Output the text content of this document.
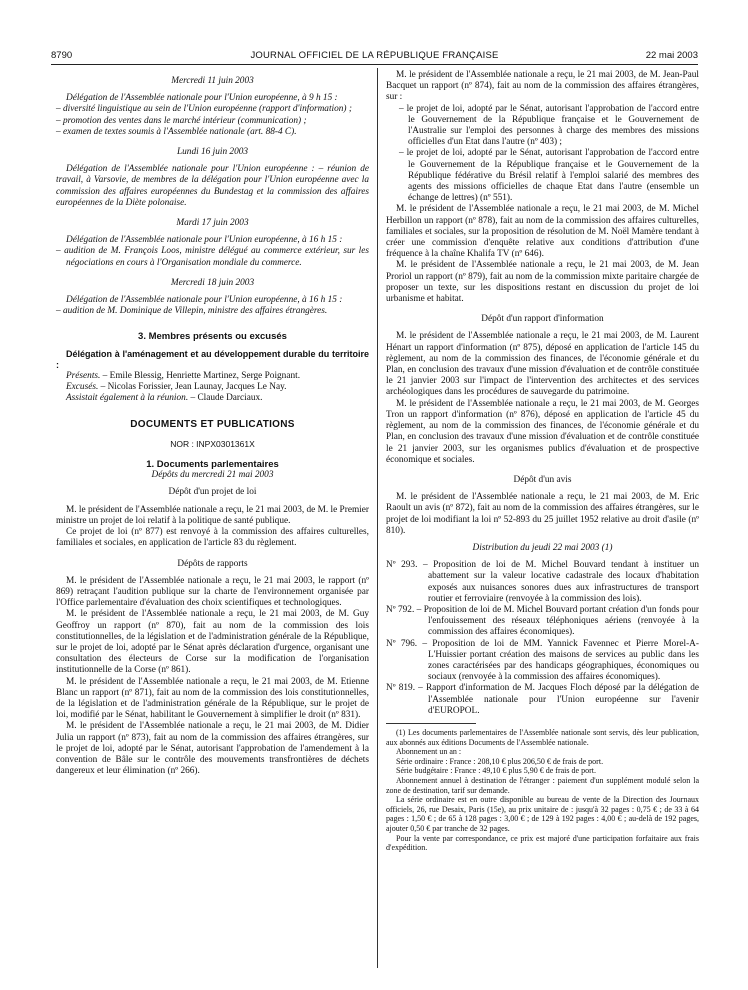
8790	JOURNAL OFFICIEL DE LA RÉPUBLIQUE FRANÇAISE	22 mai 2003

Mercredi 11 juin 2003

Délégation de l'Assemblée nationale pour l'Union européenne, à 9 h 15 :

– diversité linguistique au sein de l'Union européenne (rapport d'information) ;

– promotion des ventes dans le marché intérieur (communication) ;

– examen de textes soumis à l'Assemblée nationale (art. 88-4 C).

Lundi 16 juin 2003

Délégation de l'Assemblée nationale pour l'Union européenne : – réunion de travail, à Varsovie, de membres de la délégation pour l'Union européenne avec la commission des affaires européennes du Bundestag et la commission des affaires européennes de la Diète polonaise.

Mardi 17 juin 2003

Délégation de l'Assemblée nationale pour l'Union européenne, à 16 h 15 :

– audition de M. François Loos, ministre délégué au commerce extérieur, sur les négociations en cours à l'Organisation mondiale du commerce.

Mercredi 18 juin 2003

Délégation de l'Assemblée nationale pour l'Union européenne, à 16 h 15 :

– audition de M. Dominique de Villepin, ministre des affaires étrangères.

3. Membres présents ou excusés

Délégation à l'aménagement et au développement durable du territoire :

Présents. – Emile Blessig, Henriette Martinez, Serge Poignant.

Excusés. – Nicolas Forissier, Jean Launay, Jacques Le Nay.

Assistait également à la réunion. – Claude Darciaux.

DOCUMENTS ET PUBLICATIONS

NOR : INPX0301361X

1. Documents parlementaires

Dépôts du mercredi 21 mai 2003

Dépôt d'un projet de loi

M. le président de l'Assemblée nationale a reçu, le 21 mai 2003, de M. le Premier ministre un projet de loi relatif à la politique de santé publique.

Ce projet de loi (nº 877) est renvoyé à la commission des affaires culturelles, familiales et sociales, en application de l'article 83 du règlement.

Dépôts de rapports

M. le président de l'Assemblée nationale a reçu, le 21 mai 2003, le rapport (nº 869) retraçant l'audition publique sur la charte de l'environnement organisée par l'Office parlementaire d'évaluation des choix scientifiques et technologiques.

M. le président de l'Assemblée nationale a reçu, le 21 mai 2003, de M. Guy Geoffroy un rapport (nº 870), fait au nom de la commission des lois constitutionnelles, de la législation et de l'administration générale de la République, sur le projet de loi, adopté par le Sénat après déclaration d'urgence, organisant une consultation des électeurs de Corse sur la modification de l'organisation institutionnelle de la Corse (nº 861).

M. le président de l'Assemblée nationale a reçu, le 21 mai 2003, de M. Etienne Blanc un rapport (nº 871), fait au nom de la commission des lois constitutionnelles, de la législation et de l'administration générale de la République, sur le projet de loi, modifié par le Sénat, habilitant le Gouvernement à simplifier le droit (nº 831).

M. le président de l'Assemblée nationale a reçu, le 21 mai 2003, de M. Didier Julia un rapport (nº 873), fait au nom de la commission des affaires étrangères, sur le projet de loi, adopté par le Sénat, autorisant l'approbation de l'amendement à la convention de Bâle sur le contrôle des mouvements transfrontières de déchets dangereux et leur élimination (nº 266).

M. le président de l'Assemblée nationale a reçu, le 21 mai 2003, de M. Jean-Paul Bacquet un rapport (nº 874), fait au nom de la commission des affaires étrangères, sur :

– le projet de loi, adopté par le Sénat, autorisant l'approbation de l'accord entre le Gouvernement de la République française et le Gouvernement de l'Australie sur l'emploi des personnes à charge des membres des missions officielles d'un Etat dans l'autre (nº 403) ;

– le projet de loi, adopté par le Sénat, autorisant l'approbation de l'accord entre le Gouvernement de la République française et le Gouvernement de la République fédérative du Brésil relatif à l'emploi salarié des membres des agents des missions officielles de chaque Etat dans l'autre (ensemble un échange de lettres) (nº 551).

M. le président de l'Assemblée nationale a reçu, le 21 mai 2003, de M. Michel Herbillon un rapport (nº 878), fait au nom de la commission des affaires culturelles, familiales et sociales, sur la proposition de résolution de M. Noël Mamère tendant à créer une commission d'enquête relative aux conditions d'attribution d'une fréquence à la chaîne Khalifa TV (nº 646).

M. le président de l'Assemblée nationale a reçu, le 21 mai 2003, de M. Jean Proriol un rapport (nº 879), fait au nom de la commission mixte paritaire chargée de proposer un texte, sur les dispositions restant en discussion du projet de loi urbanisme et habitat.

Dépôt d'un rapport d'information

M. le président de l'Assemblée nationale a reçu, le 21 mai 2003, de M. Laurent Hénart un rapport d'information (nº 875), déposé en application de l'article 145 du règlement, au nom de la commission des finances, de l'économie générale et du Plan, en conclusion des travaux d'une mission d'évaluation et de contrôle constituée le 21 janvier 2003 sur l'impact de l'intervention des architectes et des services archéologiques dans les procédures de sauvegarde du patrimoine.

M. le président de l'Assemblée nationale a reçu, le 21 mai 2003, de M. Georges Tron un rapport d'information (nº 876), déposé en application de l'article 45 du règlement, au nom de la commission des finances, de l'économie générale et du Plan, en conclusion des travaux d'une mission d'évaluation et de contrôle constituée le 21 janvier 2003, sur les organismes publics d'évaluation et de prospective économique et sociales.

Dépôt d'un avis

M. le président de l'Assemblée nationale a reçu, le 21 mai 2003, de M. Eric Raoult un avis (nº 872), fait au nom de la commission des affaires étrangères, sur le projet de loi modifiant la loi nº 52-893 du 25 juillet 1952 relative au droit d'asile (nº 810).

Distribution du jeudi 22 mai 2003 (1)

Nº 293. – Proposition de loi de M. Michel Bouvard tendant à instituer un abattement sur la valeur locative cadastrale des locaux d'habitation exposés aux nuisances sonores dues aux infrastructures de transport routier et ferroviaire (renvoyée à la commission des lois).

Nº 792. – Proposition de loi de M. Michel Bouvard portant création d'un fonds pour l'enfouissement des réseaux téléphoniques aériens (renvoyée à la commission des affaires économiques).

Nº 796. – Proposition de loi de MM. Yannick Favennec et Pierre Morel-A-L'Huissier portant création des maisons de services au public dans les zones caractérisées par des handicaps géographiques, économiques ou sociaux (renvoyée à la commission des affaires économiques).

Nº 819. – Rapport d'information de M. Jacques Floch déposé par la délégation de l'Assemblée nationale pour l'Union européenne sur l'avenir d'EUROPOL.

(1) Les documents parlementaires de l'Assemblée nationale sont servis, dès leur publication, aux abonnés aux éditions Documents de l'Assemblée nationale.

Abonnement un an :

Série ordinaire : France : 208,10 € plus 206,50 € de frais de port.

Série budgétaire : France : 49,10 € plus 5,90 € de frais de port.

Abonnement annuel à destination de l'étranger : paiement d'un supplément modulé selon la zone de destination, tarif sur demande.

La série ordinaire est en outre disponible au bureau de vente de la Direction des Journaux officiels, 26, rue Desaix, Paris (15e), au prix unitaire de : jusqu'à 32 pages : 0,75 € ; de 33 à 64 pages : 1,50 € ; de 65 à 128 pages : 3,00 € ; de 129 à 192 pages : 4,00 € ; au-delà de 192 pages, ajouter 0,50 € par tranche de 32 pages.

Pour la vente par correspondance, ce prix est majoré d'une participation forfaitaire aux frais d'expédition.
